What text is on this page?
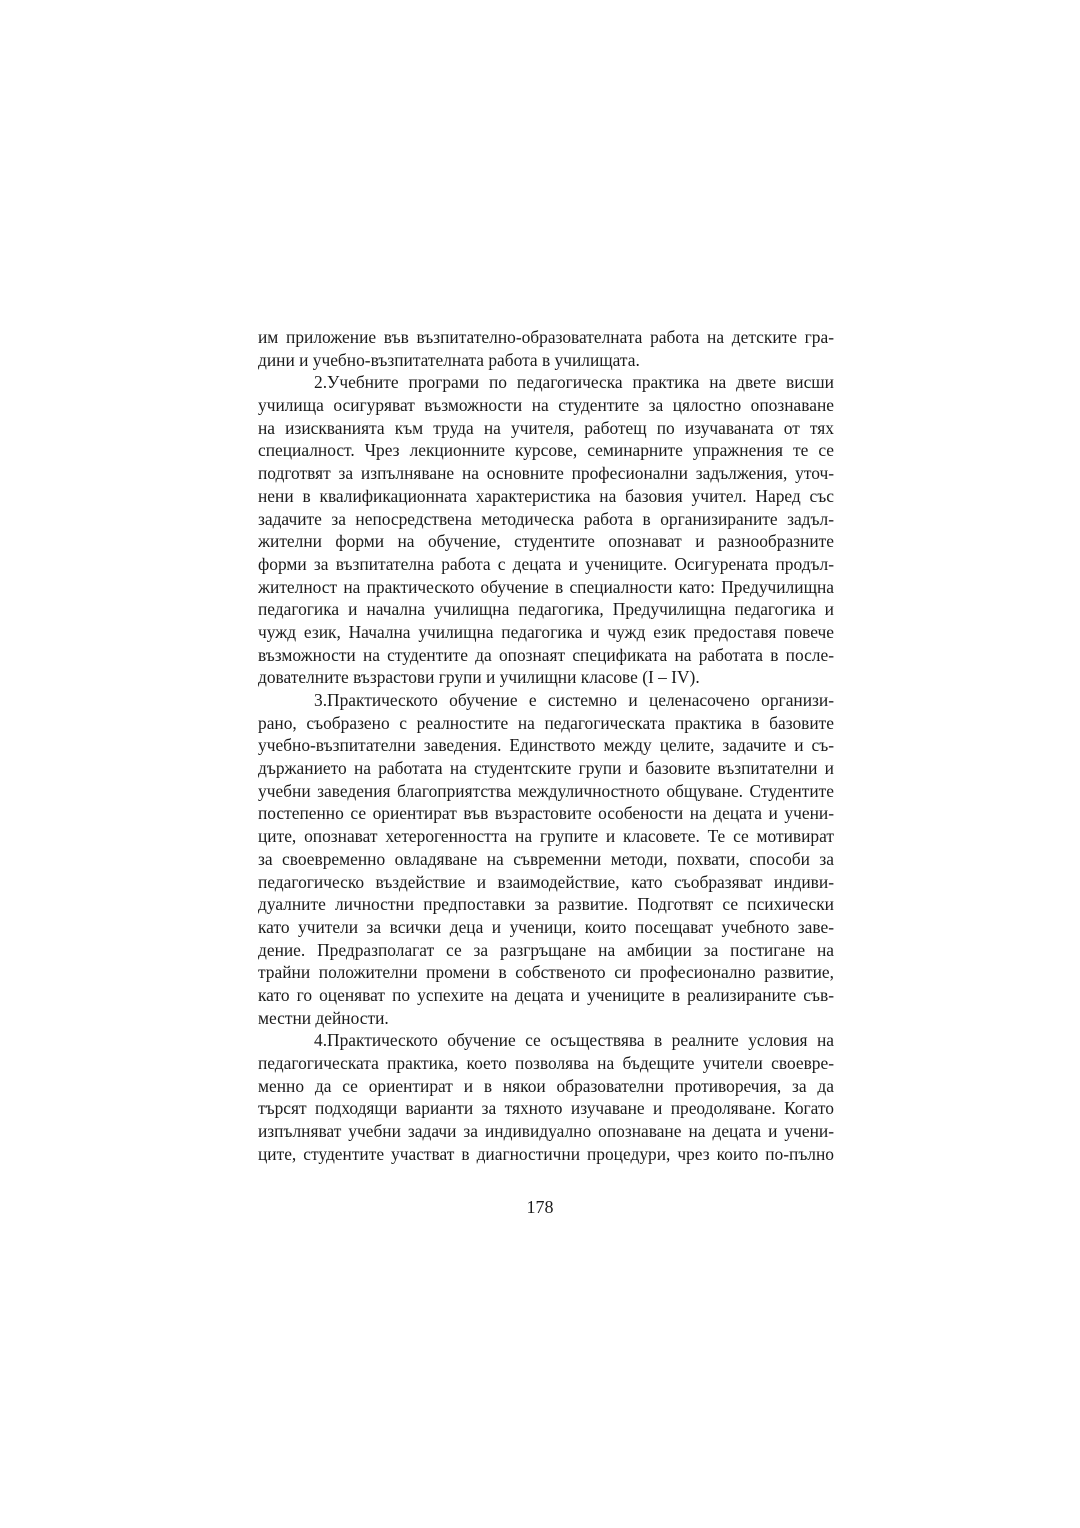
им приложение във възпитателно-образователната работа на детските гра-
дини и учебно-възпитателната работа в училищата.
2.Учебните програми по педагогическа практика на двете висши
училища осигуряват възможности на студентите за цялостно опознаване
на изискванията към труда на учителя, работещ по изучаваната от тях
специалност. Чрез лекционните курсове, семинарните упражнения те се
подготвят за изпълняване на основните професионални задължения, уточ-
нени в квалификационната характеристика на базовия учител. Наред със
задачите за непосредствена методическа работа в организираните задъл-
жителни форми на обучение, студентите опознават и разнообразните
форми за възпитателна работа с децата и учениците. Осигурената продъл-
жителност на практическото обучение в специалности като: Предучилищна
педагогика и начална училищна педагогика, Предучилищна педагогика и
чужд език, Начална училищна педагогика и чужд език предоставя повече
възможности на студентите да опознаят спецификата на работата в после-
дователните възрастови групи и училищни класове (I – IV).
3.Практическото обучение е системно и целенасочено организи-
рано, съобразено с реалностите на педагогическата практика в базовите
учебно-възпитателни заведения. Единството между целите, задачите и съ-
държанието на работата на студентските групи и базовите възпитателни и
учебни заведения благоприятства междуличностното общуване. Студентите
постепенно се ориентират във възрастовите особености на децата и учени-
ците, опознават хетерогенността на групите и класовете. Те се мотивират
за своевременно овладяване на съвременни методи, похвати, способи за
педагогическо въздействие и взаимодействие, като съобразяват индиви-
дуалните личностни предпоставки за развитие. Подготвят се психически
като учители за всички деца и ученици, които посещават учебното заве-
дение. Предразполагат се за разгръщане на амбиции за постигане на
трайни положителни промени в собственото си професионално развитие,
като го оценяват по успехите на децата и учениците в реализираните съв-
местни дейности.
4.Практическото обучение се осъществява в реалните условия на
педагогическата практика, което позволява на бъдещите учители своевре-
менно да се ориентират и в някои образователни противоречия, за да
търсят подходящи варианти за тяхното изучаване и преодоляване. Когато
изпълняват учебни задачи за индивидуално опознаване на децата и учени-
ците, студентите участват в диагностични процедури, чрез които по-пълно
178
